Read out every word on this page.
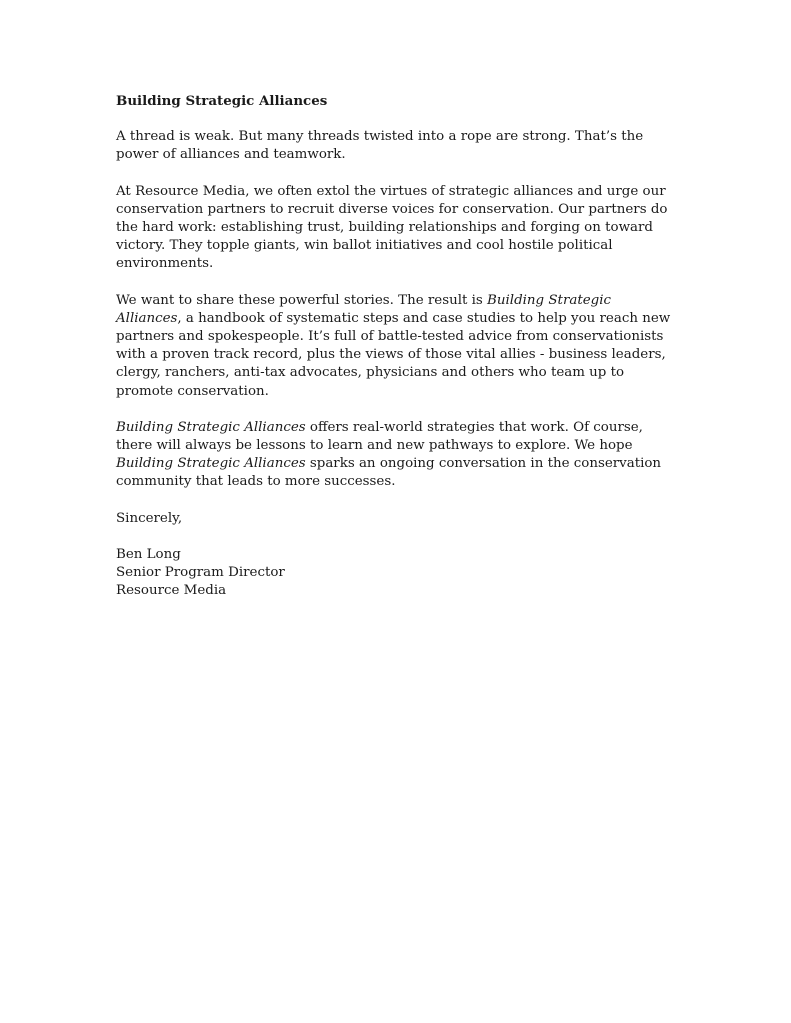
Building Strategic Alliances

A thread is weak. But many threads twisted into a rope are strong. That’s the power of alliances and teamwork.

At Resource Media, we often extol the virtues of strategic alliances and urge our conservation partners to recruit diverse voices for conservation. Our partners do the hard work: establishing trust, building relationships and forging on toward victory. They topple giants, win ballot initiatives and cool hostile political environments.

We want to share these powerful stories. The result is Building Strategic Alliances, a handbook of systematic steps and case studies to help you reach new partners and spokespeople. It’s full of battle-tested advice from conservationists with a proven track record, plus the views of those vital allies - business leaders, clergy, ranchers, anti-tax advocates, physicians and others who team up to promote conservation.

Building Strategic Alliances offers real-world strategies that work. Of course, there will always be lessons to learn and new pathways to explore. We hope Building Strategic Alliances sparks an ongoing conversation in the conservation community that leads to more successes.

Sincerely,

Ben Long
Senior Program Director
Resource Media
